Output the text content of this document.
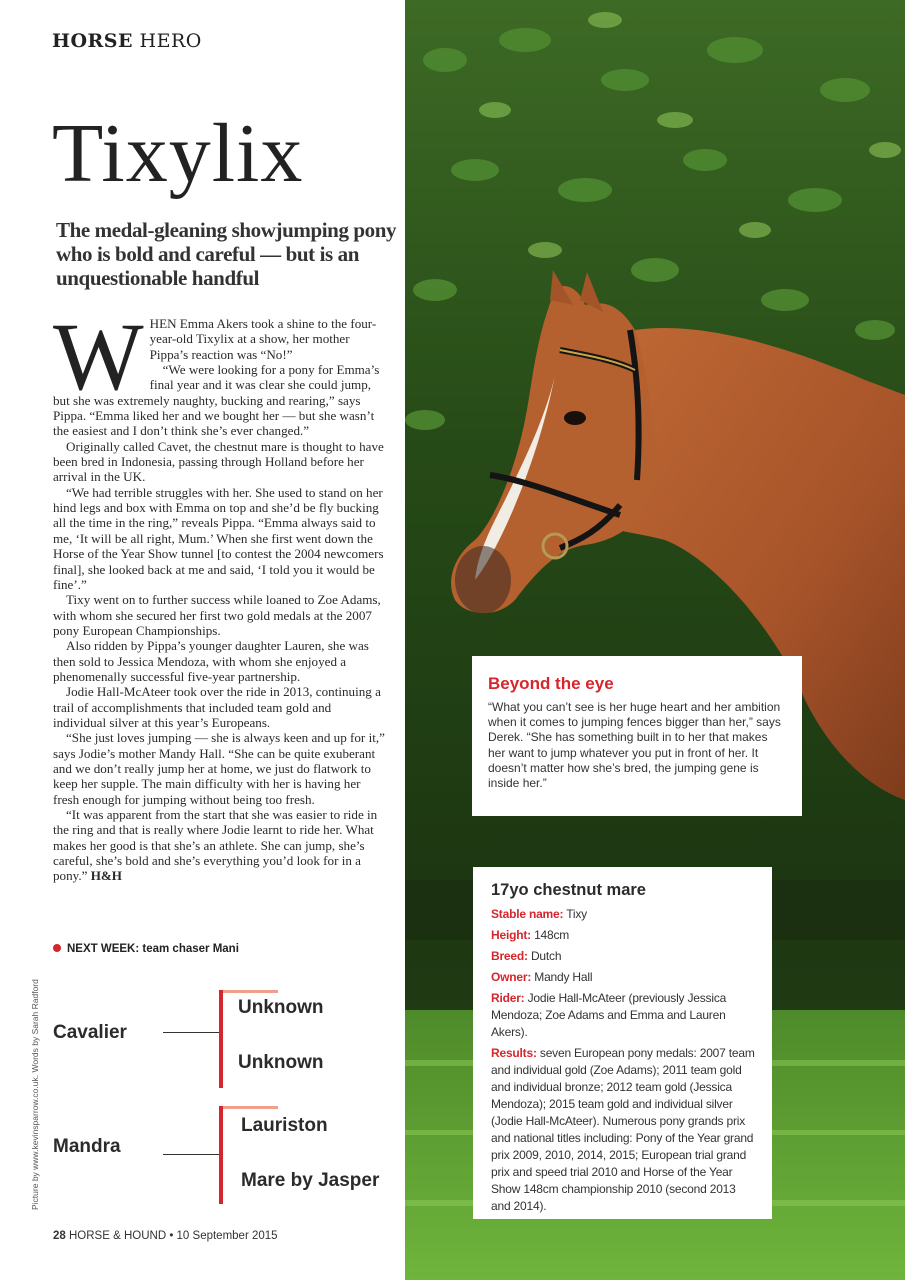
HORSE HERO
Tixylix

The medal-gleaning showjumping pony who is bold and careful — but is an unquestionable handful

WHEN Emma Akers took a shine to the four-year-old Tixylix at a show, her mother Pippa’s reaction was “No!”

“We were looking for a pony for Emma’s final year and it was clear she could jump, but she was extremely naughty, bucking and rearing,” says Pippa. “Emma liked her and we bought her — but she wasn’t the easiest and I don’t think she’s ever changed.”

Originally called Cavet, the chestnut mare is thought to have been bred in Indonesia, passing through Holland before her arrival in the UK.

“We had terrible struggles with her. She used to stand on her hind legs and box with Emma on top and she’d be fly bucking all the time in the ring,” reveals Pippa. “Emma always said to me, ‘It will be all right, Mum.’ When she first went down the Horse of the Year Show tunnel [to contest the 2004 newcomers final], she looked back at me and said, ‘I told you it would be fine’.”

Tixy went on to further success while loaned to Zoe Adams, with whom she secured her first two gold medals at the 2007 pony European Championships.

Also ridden by Pippa’s younger daughter Lauren, she was then sold to Jessica Mendoza, with whom she enjoyed a phenomenally successful five-year partnership.

Jodie Hall-McAteer took over the ride in 2013, continuing a trail of accomplishments that included team gold and individual silver at this year’s Europeans.

“She just loves jumping — she is always keen and up for it,” says Jodie’s mother Mandy Hall. “She can be quite exuberant and we don’t really jump her at home, we just do flatwork to keep her supple. The main difficulty with her is having her fresh enough for jumping without being too fresh.

“It was apparent from the start that she was easier to ride in the ring and that is really where Jodie learnt to ride her. What makes her good is that she’s an athlete. She can jump, she’s careful, she’s bold and she’s everything you’d look for in a pony.” H&H

NEXT WEEK: team chaser Mani
Cavalier
Unknown
Unknown
Mandra
Lauriston
Mare by Jasper
Picture by www.kevinsparrow.co.uk. Words by Sarah Radford
28 HORSE & HOUND • 10 September 2015
Beyond the eye

“What you can’t see is her huge heart and her ambition when it comes to jumping fences bigger than her,” says Derek. “She has something built in to her that makes her want to jump whatever you put in front of her. It doesn’t matter how she’s bred, the jumping gene is inside her.”

17yo chestnut mare

Stable name: Tixy

Height: 148cm

Breed: Dutch

Owner: Mandy Hall

Rider: Jodie Hall-McAteer (previously Jessica Mendoza; Zoe Adams and Emma and Lauren Akers).

Results: seven European pony medals: 2007 team and individual gold (Zoe Adams); 2011 team gold and individual bronze; 2012 team gold (Jessica Mendoza); 2015 team gold and individual silver (Jodie Hall-McAteer). Numerous pony grands prix and national titles including: Pony of the Year grand prix 2009, 2010, 2014, 2015; European trial grand prix and speed trial 2010 and Horse of the Year Show 148cm championship 2010 (second 2013 and 2014).
